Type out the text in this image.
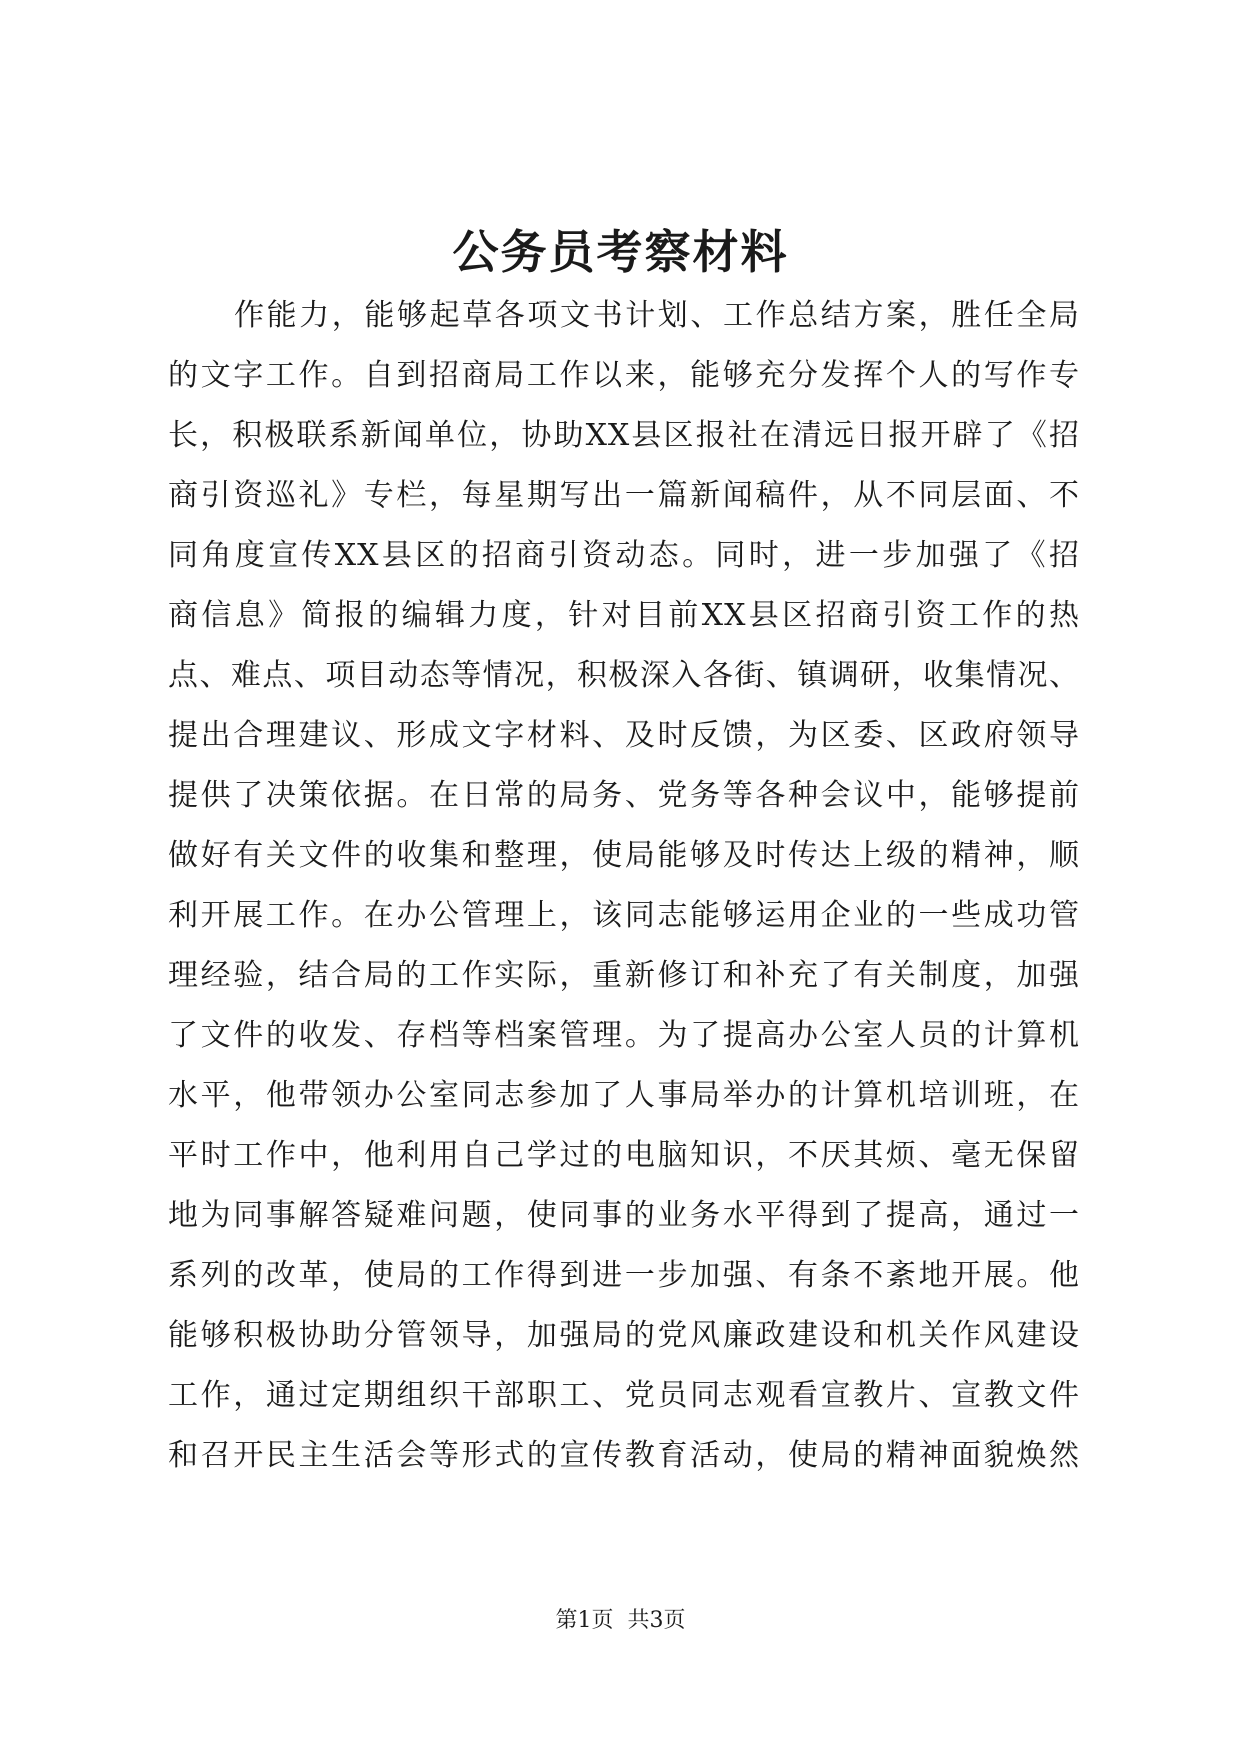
公务员考察材料
作能力，能够起草各项文书计划、工作总结方案，胜任全局
的文字工作。自到招商局工作以来，能够充分发挥个人的写作专
长，积极联系新闻单位，协助XX县区报社在清远日报开辟了《招
商引资巡礼》专栏，每星期写出一篇新闻稿件，从不同层面、不
同角度宣传XX县区的招商引资动态。同时，进一步加强了《招
商信息》简报的编辑力度，针对目前XX县区招商引资工作的热
点、难点、项目动态等情况，积极深入各街、镇调研，收集情况、
提出合理建议、形成文字材料、及时反馈，为区委、区政府领导
提供了决策依据。在日常的局务、党务等各种会议中，能够提前
做好有关文件的收集和整理，使局能够及时传达上级的精神，顺
利开展工作。在办公管理上，该同志能够运用企业的一些成功管
理经验，结合局的工作实际，重新修订和补充了有关制度，加强
了文件的收发、存档等档案管理。为了提高办公室人员的计算机
水平，他带领办公室同志参加了人事局举办的计算机培训班，在
平时工作中，他利用自己学过的电脑知识，不厌其烦、毫无保留
地为同事解答疑难问题，使同事的业务水平得到了提高，通过一
系列的改革，使局的工作得到进一步加强、有条不紊地开展。他
能够积极协助分管领导，加强局的党风廉政建设和机关作风建设
工作，通过定期组织干部职工、党员同志观看宣教片、宣教文件
和召开民主生活会等形式的宣传教育活动，使局的精神面貌焕然
第1页 共3页
